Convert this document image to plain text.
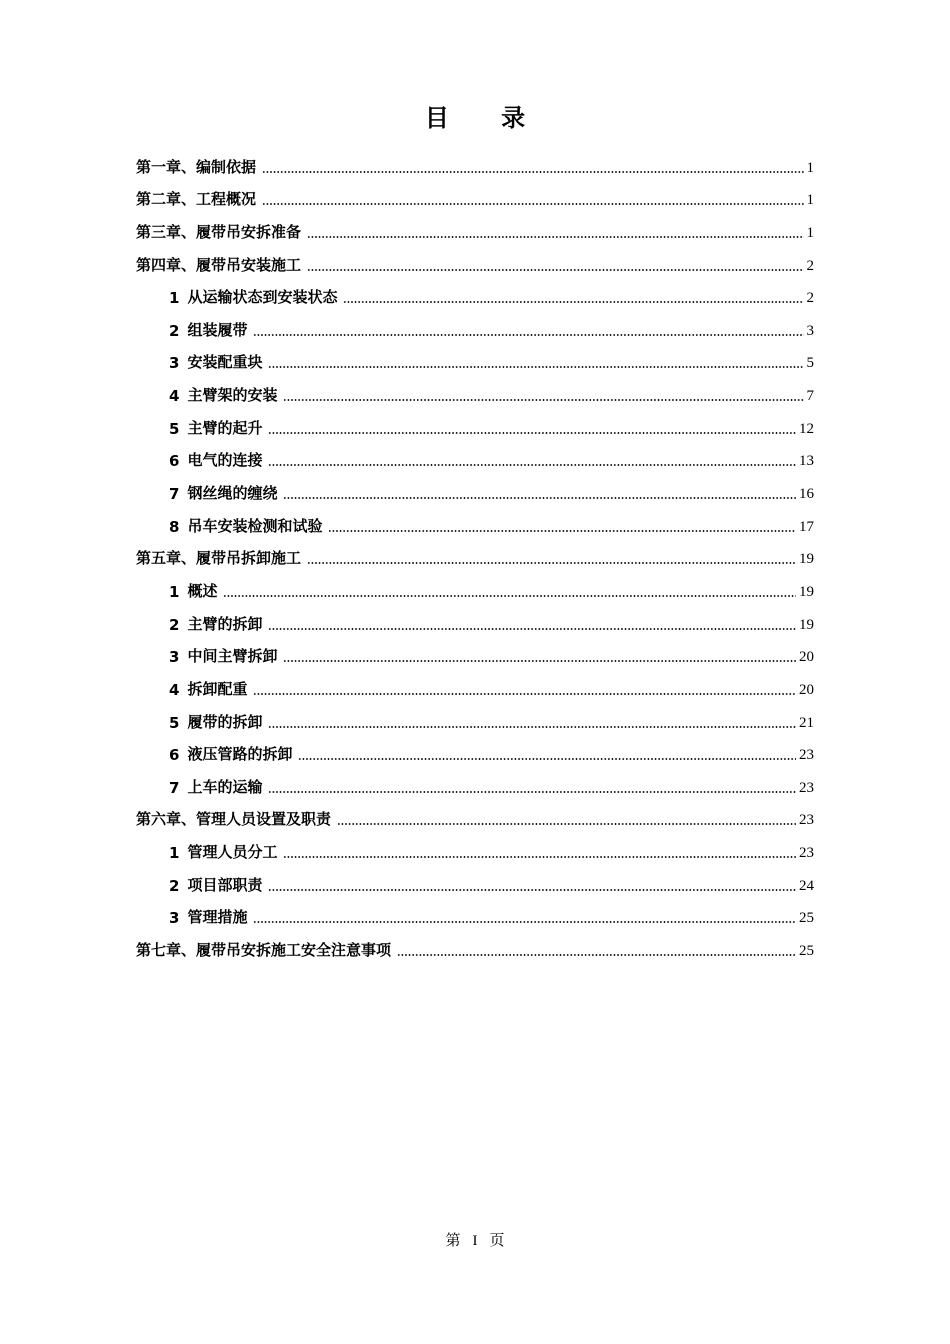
目 录
第一章、编制依据	1
第二章、工程概况	1
第三章、履带吊安拆准备	1
第四章、履带吊安装施工	2
1 从运输状态到安装状态	2
2 组装履带	3
3 安装配重块	5
4 主臂架的安装	7
5 主臂的起升	12
6 电气的连接	13
7 钢丝绳的缠绕	16
8 吊车安装检测和试验	17
第五章、履带吊拆卸施工	19
1 概述	19
2 主臂的拆卸	19
3 中间主臂拆卸	20
4 拆卸配重	20
5 履带的拆卸	21
6 液压管路的拆卸	23
7 上车的运输	23
第六章、管理人员设置及职责	23
1 管理人员分工	23
2 项目部职责	24
3 管理措施	25
第七章、履带吊安拆施工安全注意事项	25
第 I 页
